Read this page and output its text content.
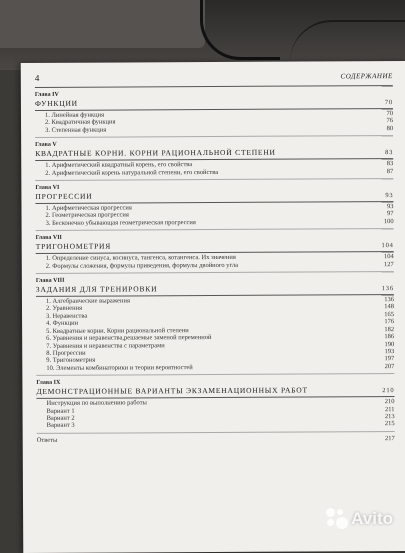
4	СОДЕРЖАНИЕ
Глава IV
ФУНКЦИИ	70
1. Линейная функция	70
2. Квадратичная функция	76
3. Степенная функция	80
Глава V
КВАДРАТНЫЕ КОРНИ. КОРНИ РАЦИОНАЛЬНОЙ СТЕПЕНИ	83
1. Арифметический квадратный корень, его свойства	83
2. Арифметический корень натуральной степени, его свойства	87
Глава VI
ПРОГРЕССИИ	93
1. Арифметическая прогрессия	93
2. Геометрическая прогрессия	97
3. Бесконечно убывающая геометрическая прогрессия	100
Глава VII
ТРИГОНОМЕТРИЯ	104
1. Определение синуса, косинуса, тангенса, котангенса. Их значения	104
2. Формулы сложения, формулы приведения, формулы двойного угла	127
Глава VIII
ЗАДАНИЯ ДЛЯ ТРЕНИРОВКИ	136
1. Алгебраические выражения	136
2. Уравнения	148
3. Неравенства	165
4. Функции	176
5. Квадратные корни. Корни рациональной степени	182
6. Уравнения и неравенства,решаемые заменой переменной	186
7. Уравнения и неравенства с параметрами	190
8. Прогрессии	193
9. Тригонометрия	197
10. Элементы комбинаторики и теории вероятностей	207
Глава IX
ДЕМОНСТРАЦИОННЫЕ ВАРИАНТЫ ЭКЗАМЕНАЦИОННЫХ РАБОТ	210
Инструкция по выполнению работы	210
Вариант 1	211
Вариант 2	213
Вариант 3	215
Ответы	217
Avito
